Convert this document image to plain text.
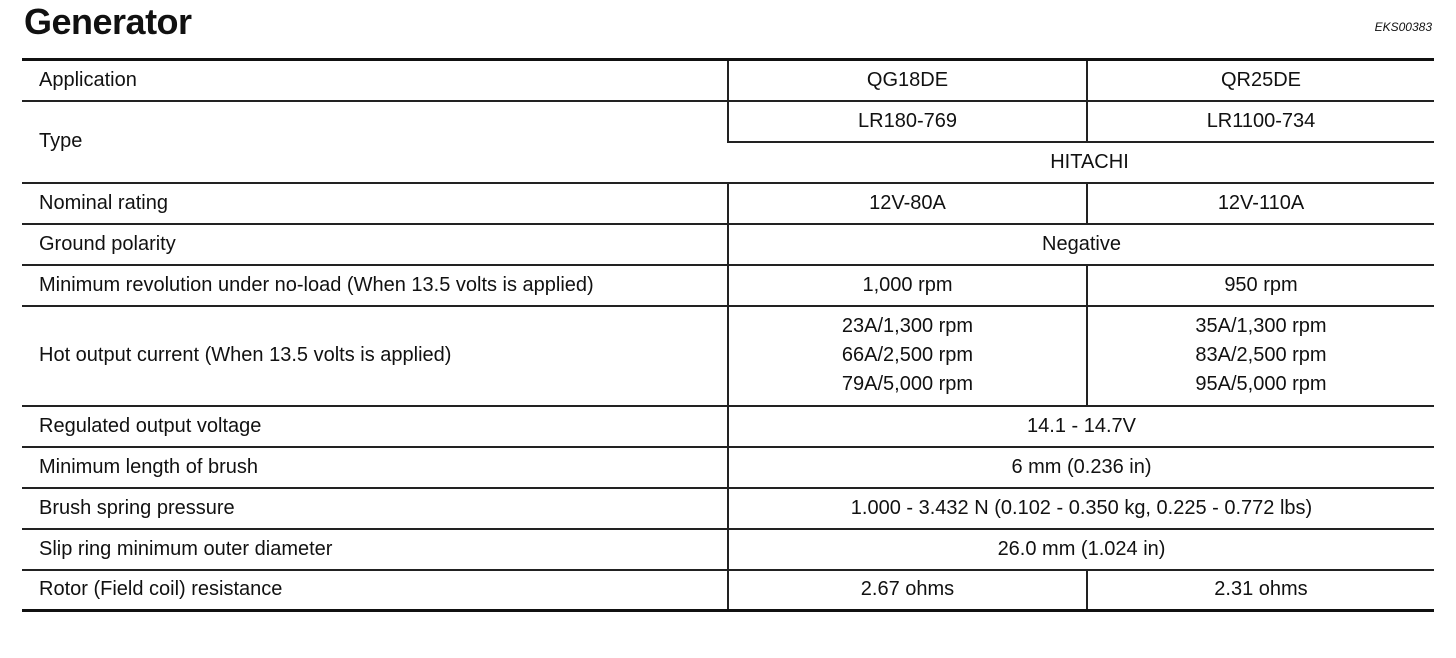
Generator	EKS00383
Application	QG18DE	QR25DE
Type	LR180-769	LR1100-734
	HITACHI	
Nominal rating	12V-80A	12V-110A
Ground polarity	Negative	
Minimum revolution under no-load (When 13.5 volts is applied)	1,000 rpm	950 rpm
Hot output current (When 13.5 volts is applied)	23A/1,300 rpm
66A/2,500 rpm
79A/5,000 rpm	35A/1,300 rpm
83A/2,500 rpm
95A/5,000 rpm

Regulated output voltage	14.1 - 14.7V	
Minimum length of brush	6 mm (0.236 in)	
Brush spring pressure	1.000 - 3.432 N (0.102 - 0.350 kg, 0.225 - 0.772 lbs)	
Slip ring minimum outer diameter	26.0 mm (1.024 in)	
Rotor (Field coil) resistance	2.67 ohms	2.31 ohms
